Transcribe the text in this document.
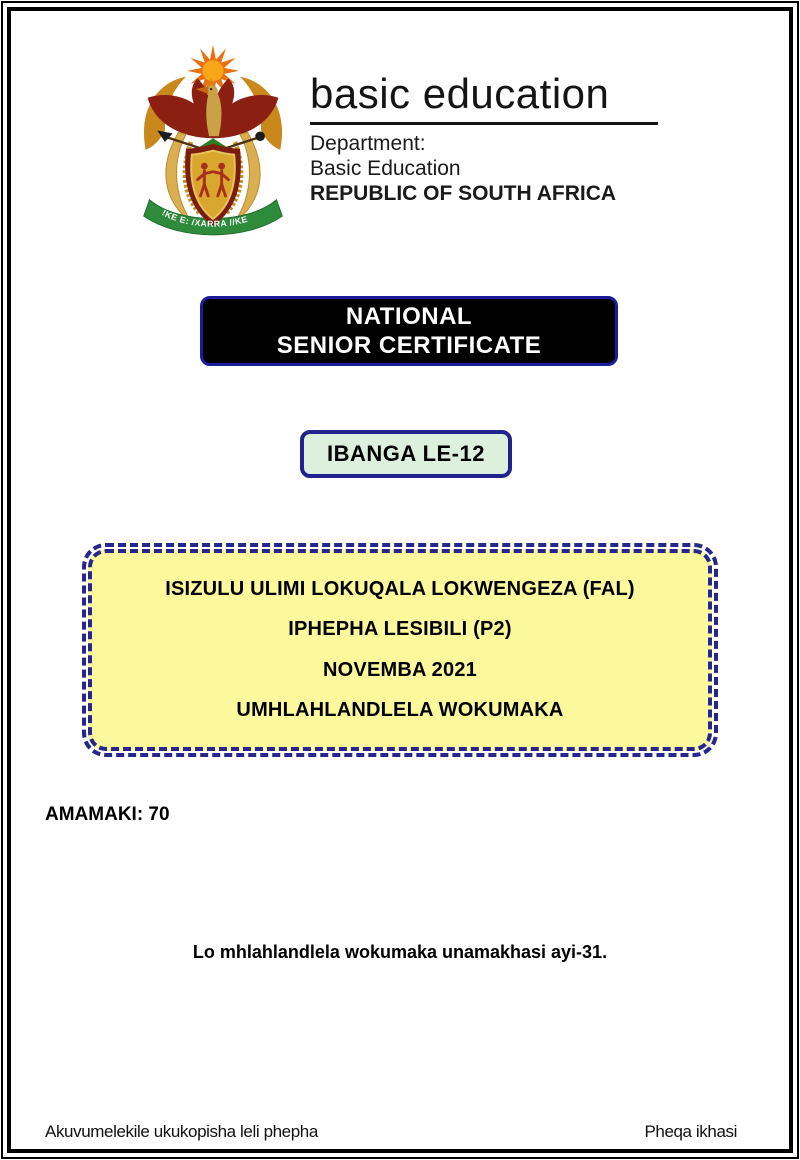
!KE E: /XARRA //KE
basic education
Department:
Basic Education
REPUBLIC OF SOUTH AFRICA
NATIONAL
SENIOR CERTIFICATE
IBANGA LE-12
ISIZULU ULIMI LOKUQALA LOKWENGEZA (FAL)
IPHEPHA LESIBILI (P2)
NOVEMBA 2021
UMHLAHLANDLELA WOKUMAKA
AMAMAKI: 70
Lo mhlahlandlela wokumaka unamakhasi ayi-31.
Akuvumelekile ukukopisha leli phepha	Pheqa ikhasi
